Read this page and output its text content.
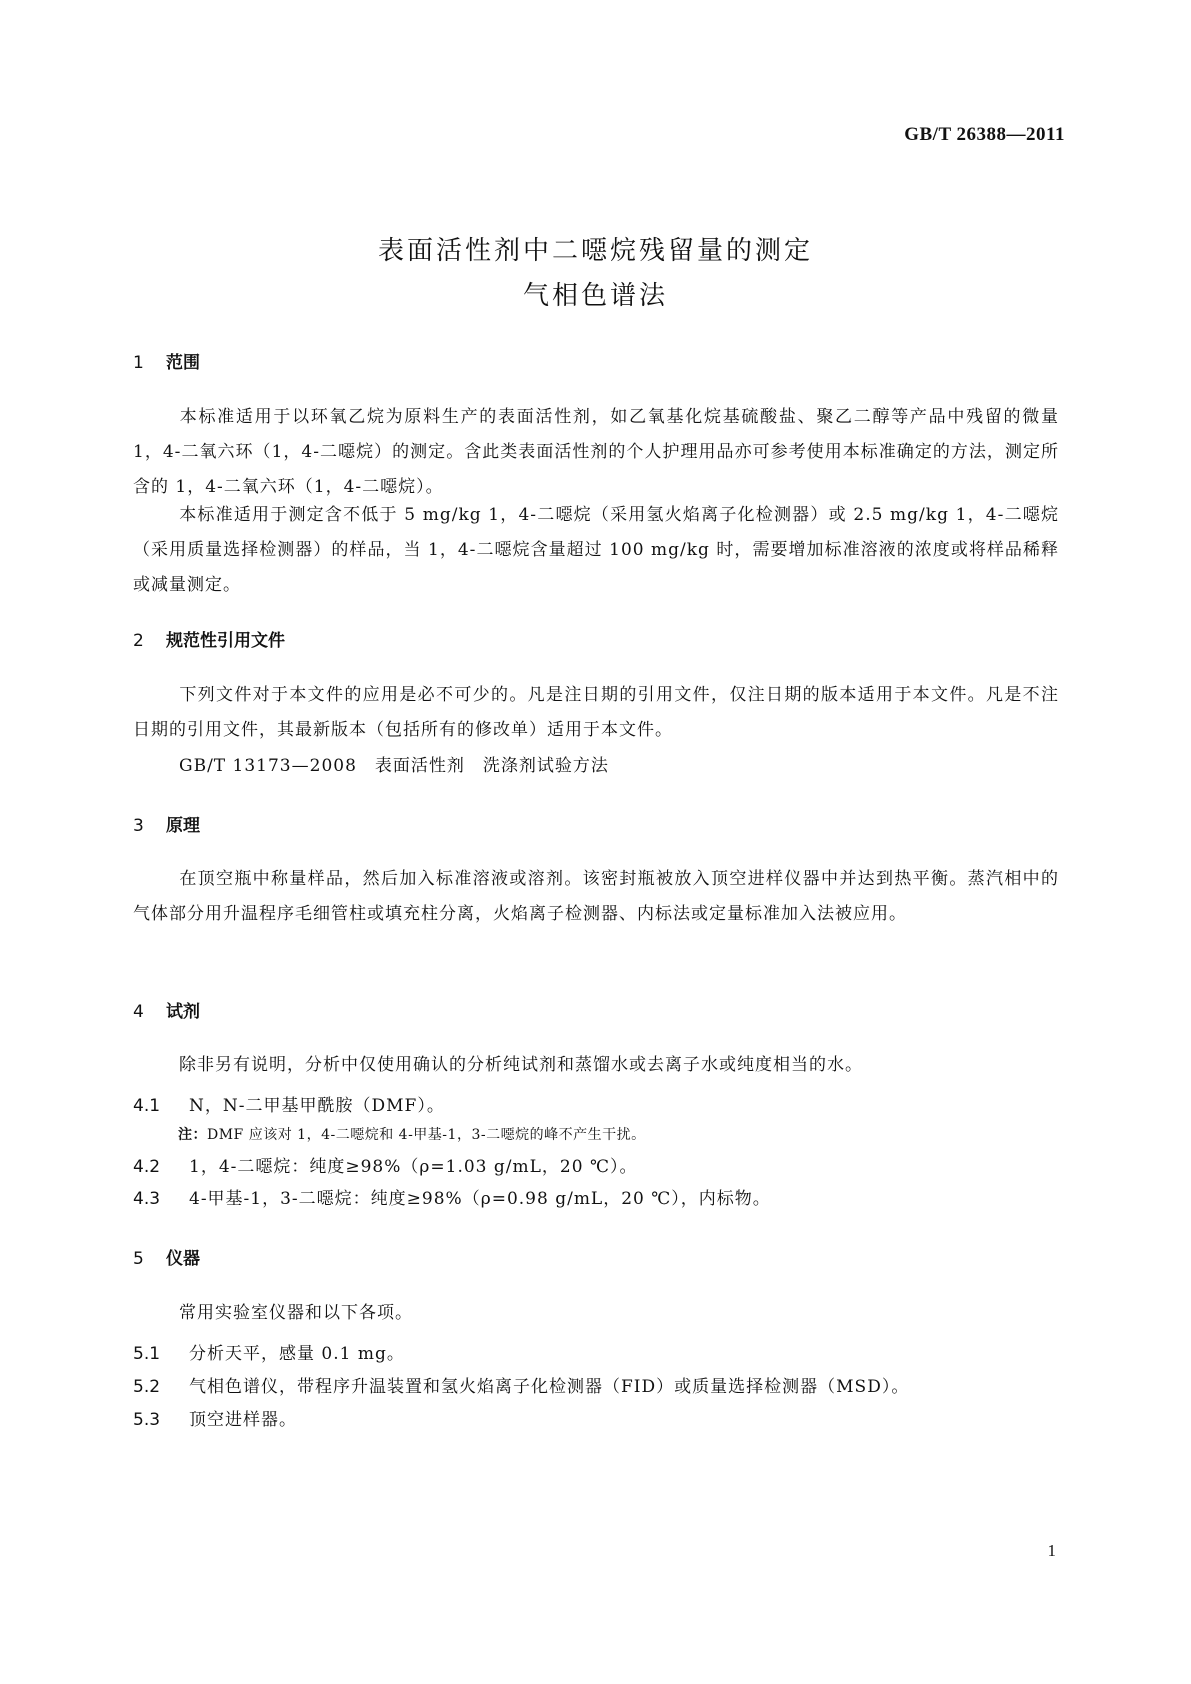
GB/T 26388—2011
表面活性剂中二噁烷残留量的测定
气相色谱法
1 范围
本标准适用于以环氧乙烷为原料生产的表面活性剂，如乙氧基化烷基硫酸盐、聚乙二醇等产品中残留的微量 1，4-二氧六环（1，4-二噁烷）的测定。含此类表面活性剂的个人护理用品亦可参考使用本标准确定的方法，测定所含的 1，4-二氧六环（1，4-二噁烷）。
本标准适用于测定含不低于 5 mg/kg 1，4-二噁烷（采用氢火焰离子化检测器）或 2.5 mg/kg 1，4-二噁烷（采用质量选择检测器）的样品，当 1，4-二噁烷含量超过 100 mg/kg 时，需要增加标准溶液的浓度或将样品稀释或减量测定。
2 规范性引用文件
下列文件对于本文件的应用是必不可少的。凡是注日期的引用文件，仅注日期的版本适用于本文件。凡是不注日期的引用文件，其最新版本（包括所有的修改单）适用于本文件。
GB/T 13173—2008　表面活性剂　洗涤剂试验方法
3 原理
在顶空瓶中称量样品，然后加入标准溶液或溶剂。该密封瓶被放入顶空进样仪器中并达到热平衡。蒸汽相中的气体部分用升温程序毛细管柱或填充柱分离，火焰离子检测器、内标法或定量标准加入法被应用。
4 试剂
除非另有说明，分析中仅使用确认的分析纯试剂和蒸馏水或去离子水或纯度相当的水。
4.1 N，N-二甲基甲酰胺（DMF）。
注：DMF 应该对 1，4-二噁烷和 4-甲基-1，3-二噁烷的峰不产生干扰。
4.2 1，4-二噁烷：纯度≥98%（ρ=1.03 g/mL，20 ℃）。
4.3 4-甲基-1，3-二噁烷：纯度≥98%（ρ=0.98 g/mL，20 ℃），内标物。
5 仪器
常用实验室仪器和以下各项。
5.1 分析天平，感量 0.1 mg。
5.2 气相色谱仪，带程序升温装置和氢火焰离子化检测器（FID）或质量选择检测器（MSD）。
5.3 顶空进样器。
1
